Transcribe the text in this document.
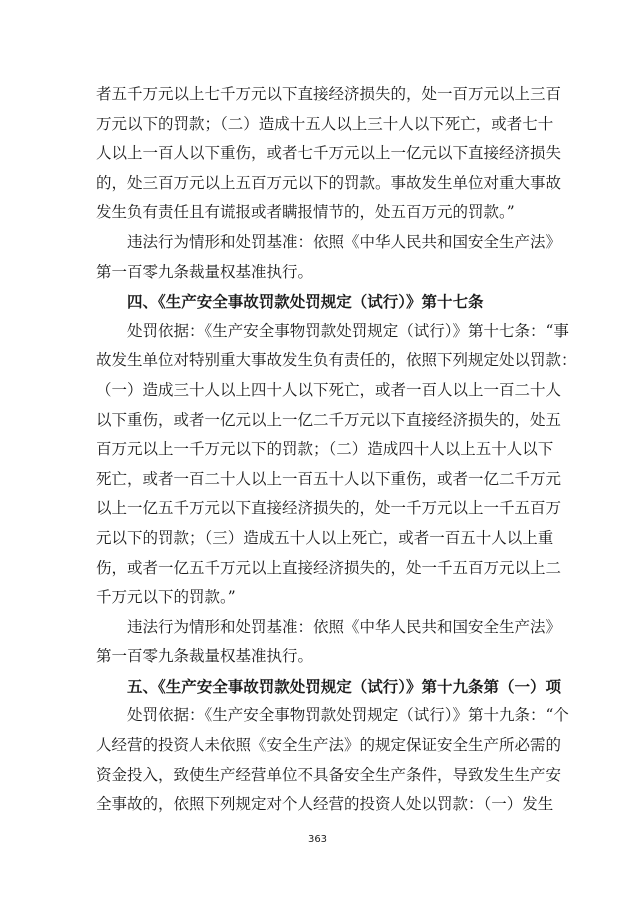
者五千万元以上七千万元以下直接经济损失的，处一百万元以上三百
万元以下的罚款；（二）造成十五人以上三十人以下死亡，或者七十
人以上一百人以下重伤，或者七千万元以上一亿元以下直接经济损失
的，处三百万元以上五百万元以下的罚款。事故发生单位对重大事故
发生负有责任且有谎报或者瞒报情节的，处五百万元的罚款。”
违法行为情形和处罚基准：依照《中华人民共和国安全生产法》
第一百零九条裁量权基准执行。
四、《生产安全事故罚款处罚规定（试行）》第十七条
处罚依据：《生产安全事物罚款处罚规定（试行）》第十七条：“事
故发生单位对特别重大事故发生负有责任的，依照下列规定处以罚款：
（一）造成三十人以上四十人以下死亡，或者一百人以上一百二十人
以下重伤，或者一亿元以上一亿二千万元以下直接经济损失的，处五
百万元以上一千万元以下的罚款；（二）造成四十人以上五十人以下
死亡，或者一百二十人以上一百五十人以下重伤，或者一亿二千万元
以上一亿五千万元以下直接经济损失的，处一千万元以上一千五百万
元以下的罚款；（三）造成五十人以上死亡，或者一百五十人以上重
伤，或者一亿五千万元以上直接经济损失的，处一千五百万元以上二
千万元以下的罚款。”
违法行为情形和处罚基准：依照《中华人民共和国安全生产法》
第一百零九条裁量权基准执行。
五、《生产安全事故罚款处罚规定（试行）》第十九条第（一）项
处罚依据：《生产安全事物罚款处罚规定（试行）》第十九条：“个
人经营的投资人未依照《安全生产法》的规定保证安全生产所必需的
资金投入，致使生产经营单位不具备安全生产条件，导致发生生产安
全事故的，依照下列规定对个人经营的投资人处以罚款：（一）发生
363
